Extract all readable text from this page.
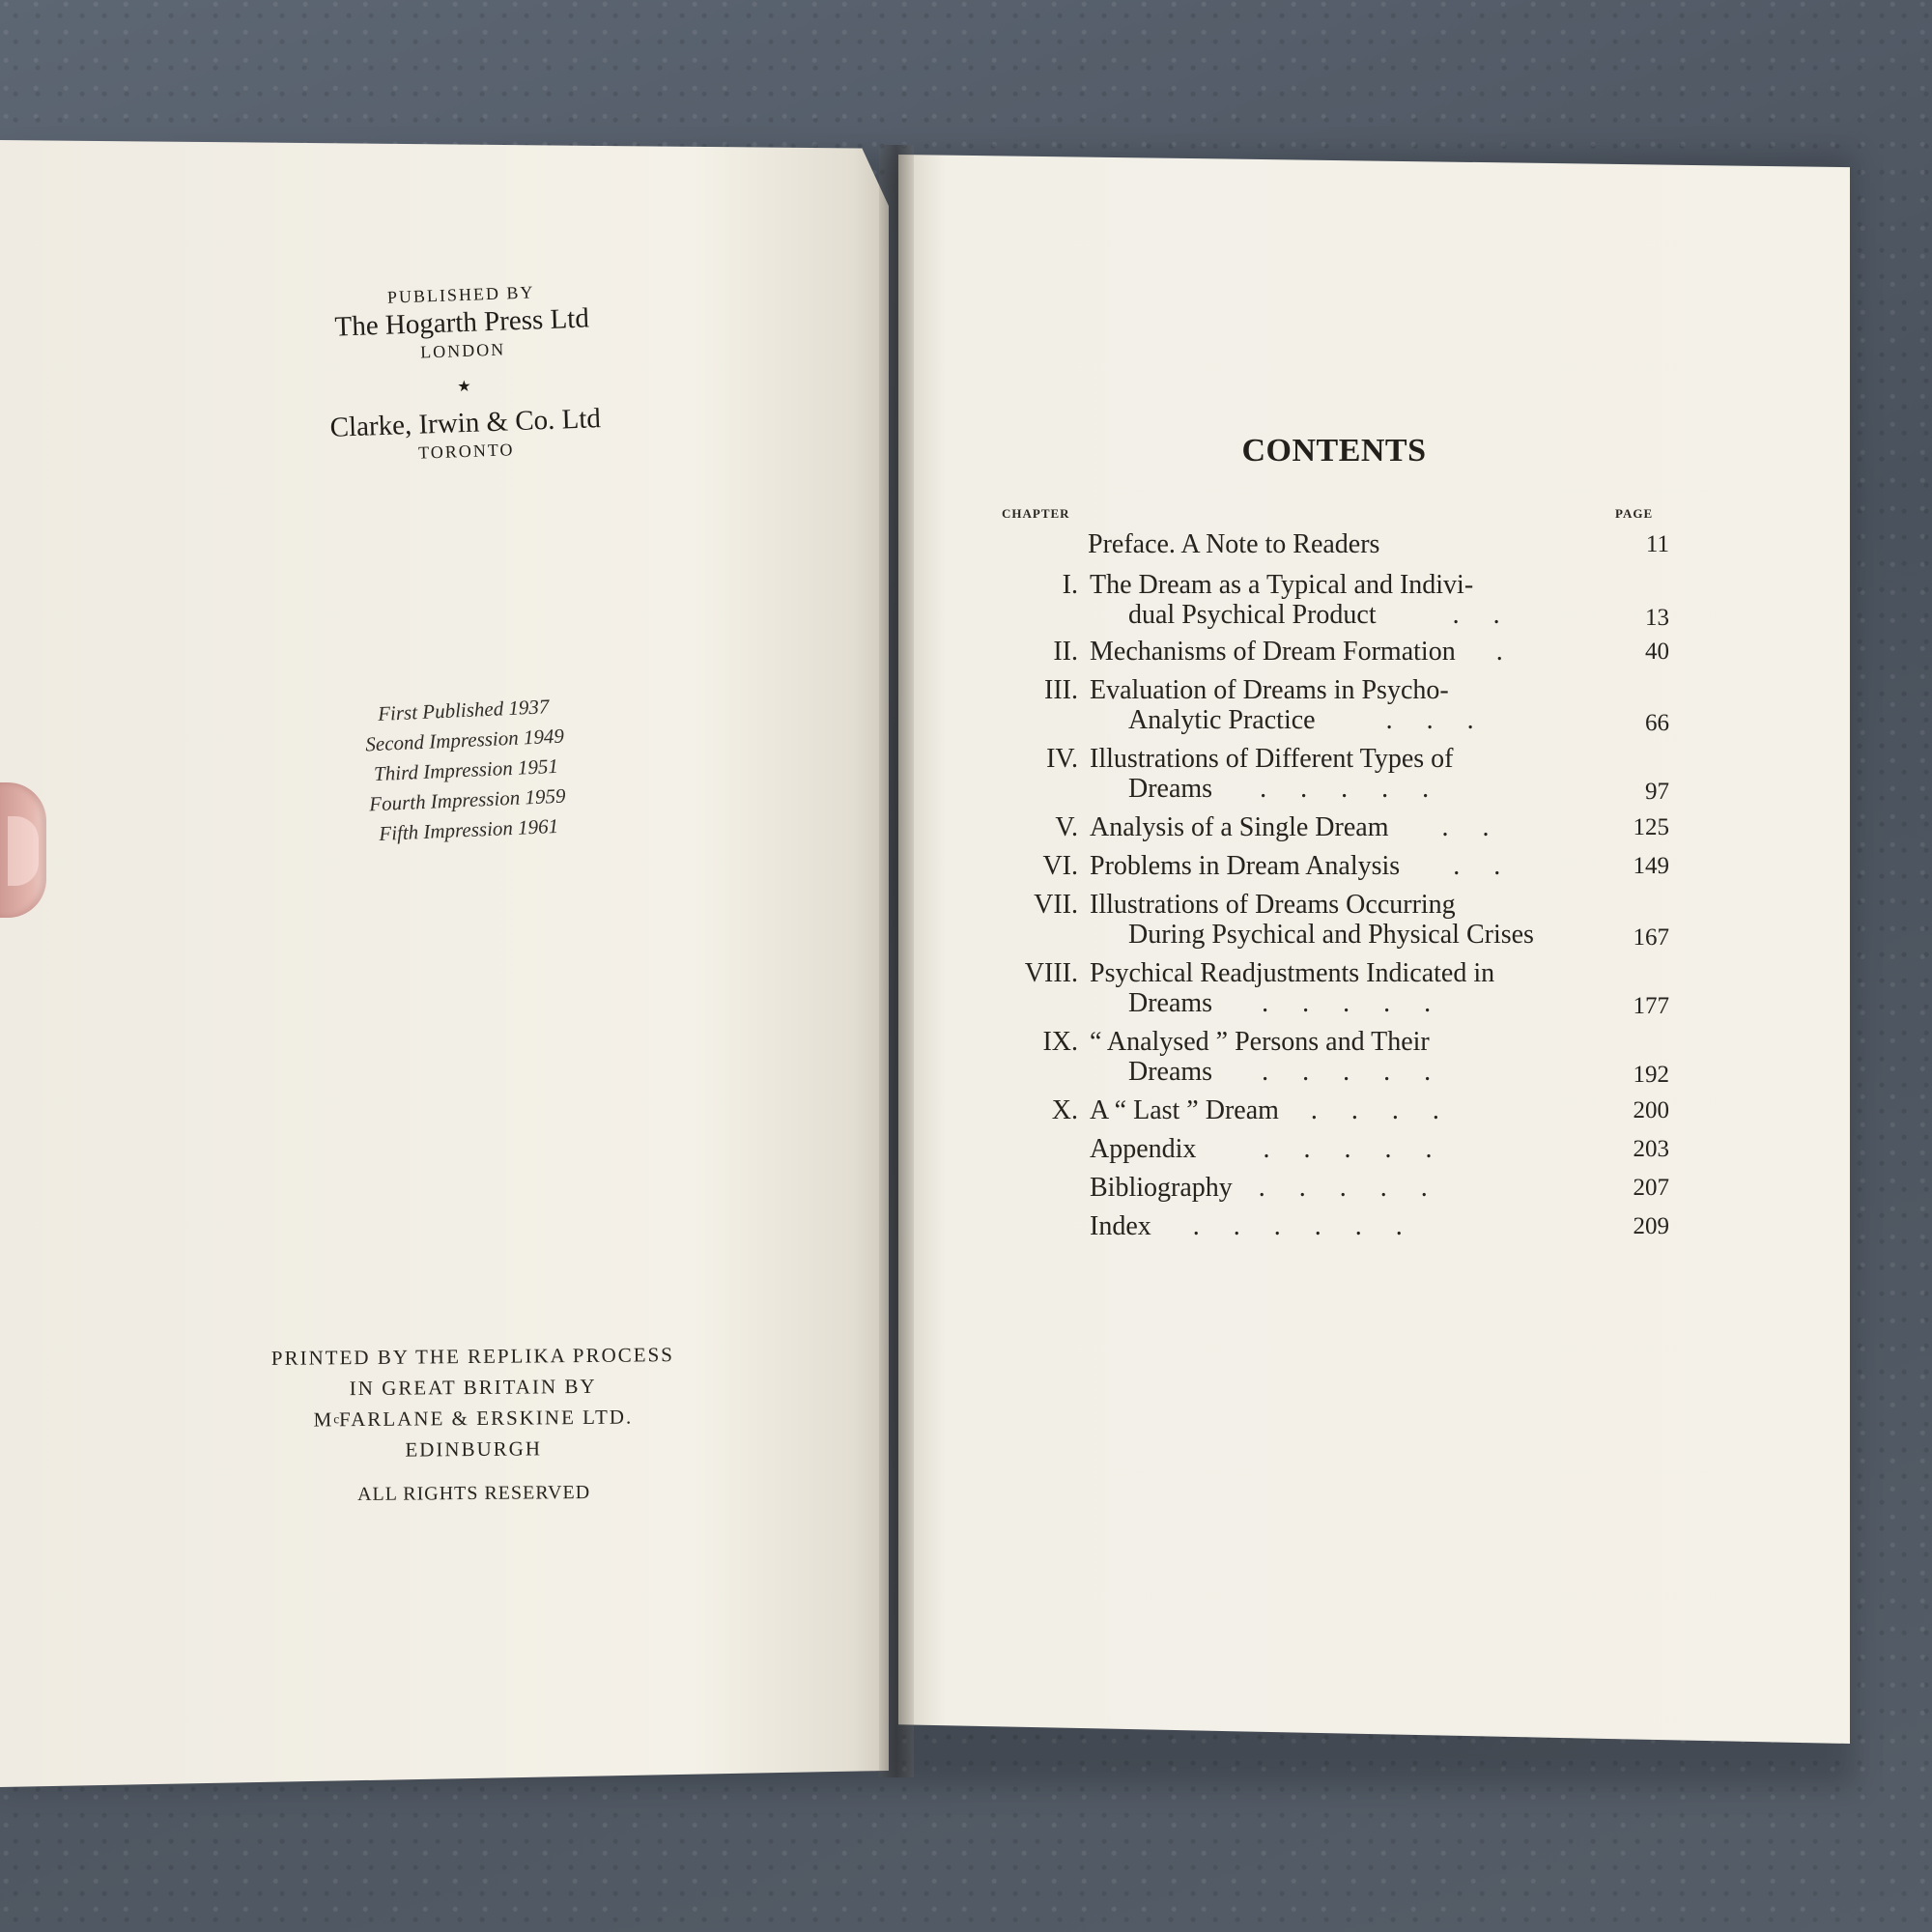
PUBLISHED BY
The Hogarth Press Ltd
LONDON
★
Clarke, Irwin & Co. Ltd
TORONTO
First Published 1937
Second Impression 1949
Third Impression 1951
Fourth Impression 1959
Fifth Impression 1961
PRINTED BY THE REPLIKA PROCESS
IN GREAT BRITAIN BY
$M^cFARLANE$ & ERSKINE LTD.
EDINBURGH
ALL RIGHTS RESERVED
CONTENTS
CHAPTER	PAGE
Preface. A Note to Readers	11
I. The Dream as a Typical and Indivi-
dual Psychical Product	. .	13
II. Mechanisms of Dream Formation .	40
III. Evaluation of Dreams in Psycho-
Analytic Practice	. . .	66
IV. Illustrations of Different Types of
Dreams . . . . .	97
V. Analysis of a Single Dream . .	125
VI. Problems in Dream Analysis . .	149
VII. Illustrations of Dreams Occurring
During Psychical and Physical Crises	167
VIII. Psychical Readjustments Indicated in
Dreams . . . . .	177
IX. “ Analysed ” Persons and Their
Dreams . . . . .	192
X. A “ Last ” Dream . . . .	200
Appendix . . . . .	203
Bibliography . . . . .	207
Index . . . . . .	209
